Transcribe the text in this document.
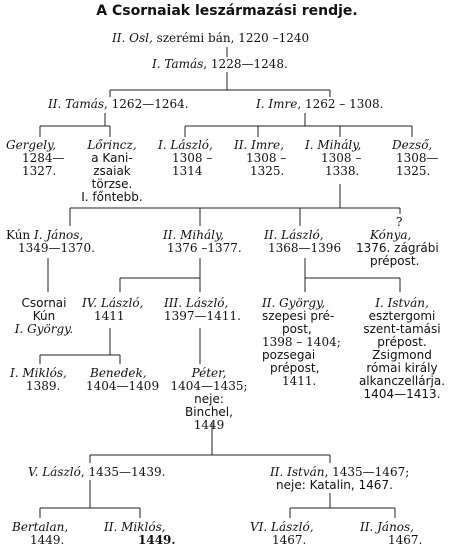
A Csornaiak leszármazási rendje.
II. Osl, szerémi bán, 1220 –1240
I. Tamás, 1228—1248.
II. Tamás, 1262—1264.	I. Imre, 1262 – 1308.
Gergely,
1284—
1327.
Lőrincz,
a Kani-
zsaiak
törzse.
I. főntebb.
I. László,
1308 –
1314
II. Imre,
1308 –
1325.
I. Mihály,
1308 –
1338.
Dezső,
1308—
1325.
Kún I. János,
1349—1370.
II. Mihály,
1376 –1377.
II. László,
1368—1396
?
Kónya,
1376. zágrábi
prépost.
Csornai
Kún
I. György.
IV. László,
1411
III. László,
1397—1411.
II. György,
szepesi pré-
post,
1398 – 1404;
pozsegai
prépost,
1411.
I. István,
esztergomi
szent-tamási
prépost.
Zsigmond
római király
alkanczellárja.
1404—1413.
I. Miklós,
1389.
Benedek,
1404—1409
Péter,
1404—1435;
neje:
Binchel,
1449
V. László, 1435—1439.	II. István, 1435—1467;
neje: Katalin, 1467.
Bertalan,
1449.
II. Miklós,
1449.
VI. László,
1467.
II. János,
1467.
